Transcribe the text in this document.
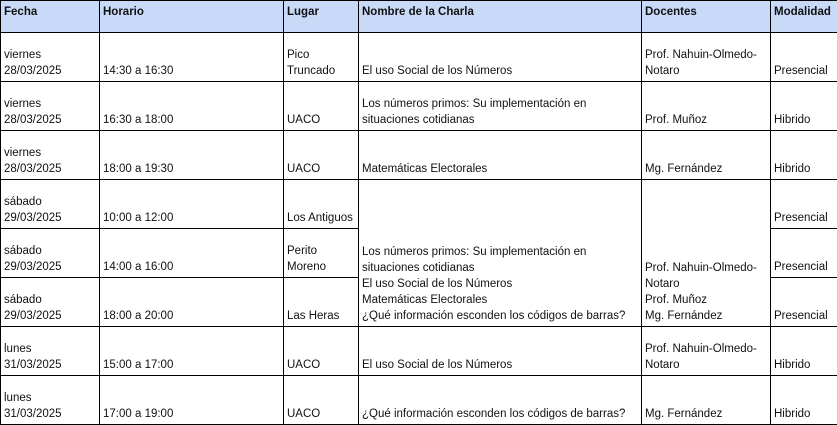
Fecha	Horario	Lugar	Nombre de la Charla	Docentes	Modalidad

viernes
28/03/2025	14:30 a 16:30	Pico
Truncado	El uso Social de los Números	Prof. Nahuin-Olmedo-
Notaro	Presencial

viernes
28/03/2025	16:30 a 18:00	UACO	Los números primos: Su implementación en
situaciones cotidianas	Prof. Muñoz	Hibrido

viernes
28/03/2025	18:00 a 19:30	UACO	Matemáticas Electorales	Mg. Fernández	Hibrido

sábado
29/03/2025	10:00 a 12:00	Los Antiguos	Los números primos: Su implementación en
situaciones cotidianas
El uso Social de los Números
Matemáticas Electorales
¿Qué información esconden los códigos de barras?	Prof. Nahuin-Olmedo-
Notaro
Prof. Muñoz
Mg. Fernández	Presencial

sábado
29/03/2025	14:00 a 16:00	Perito
Moreno			Presencial

sábado
29/03/2025	18:00 a 20:00	Las Heras			Presencial

lunes
31/03/2025	15:00 a 17:00	UACO	El uso Social de los Números	Prof. Nahuin-Olmedo-
Notaro	Hibrido

lunes
31/03/2025	17:00 a 19:00	UACO	¿Qué información esconden los códigos de barras?	Mg. Fernández	Hibrido
